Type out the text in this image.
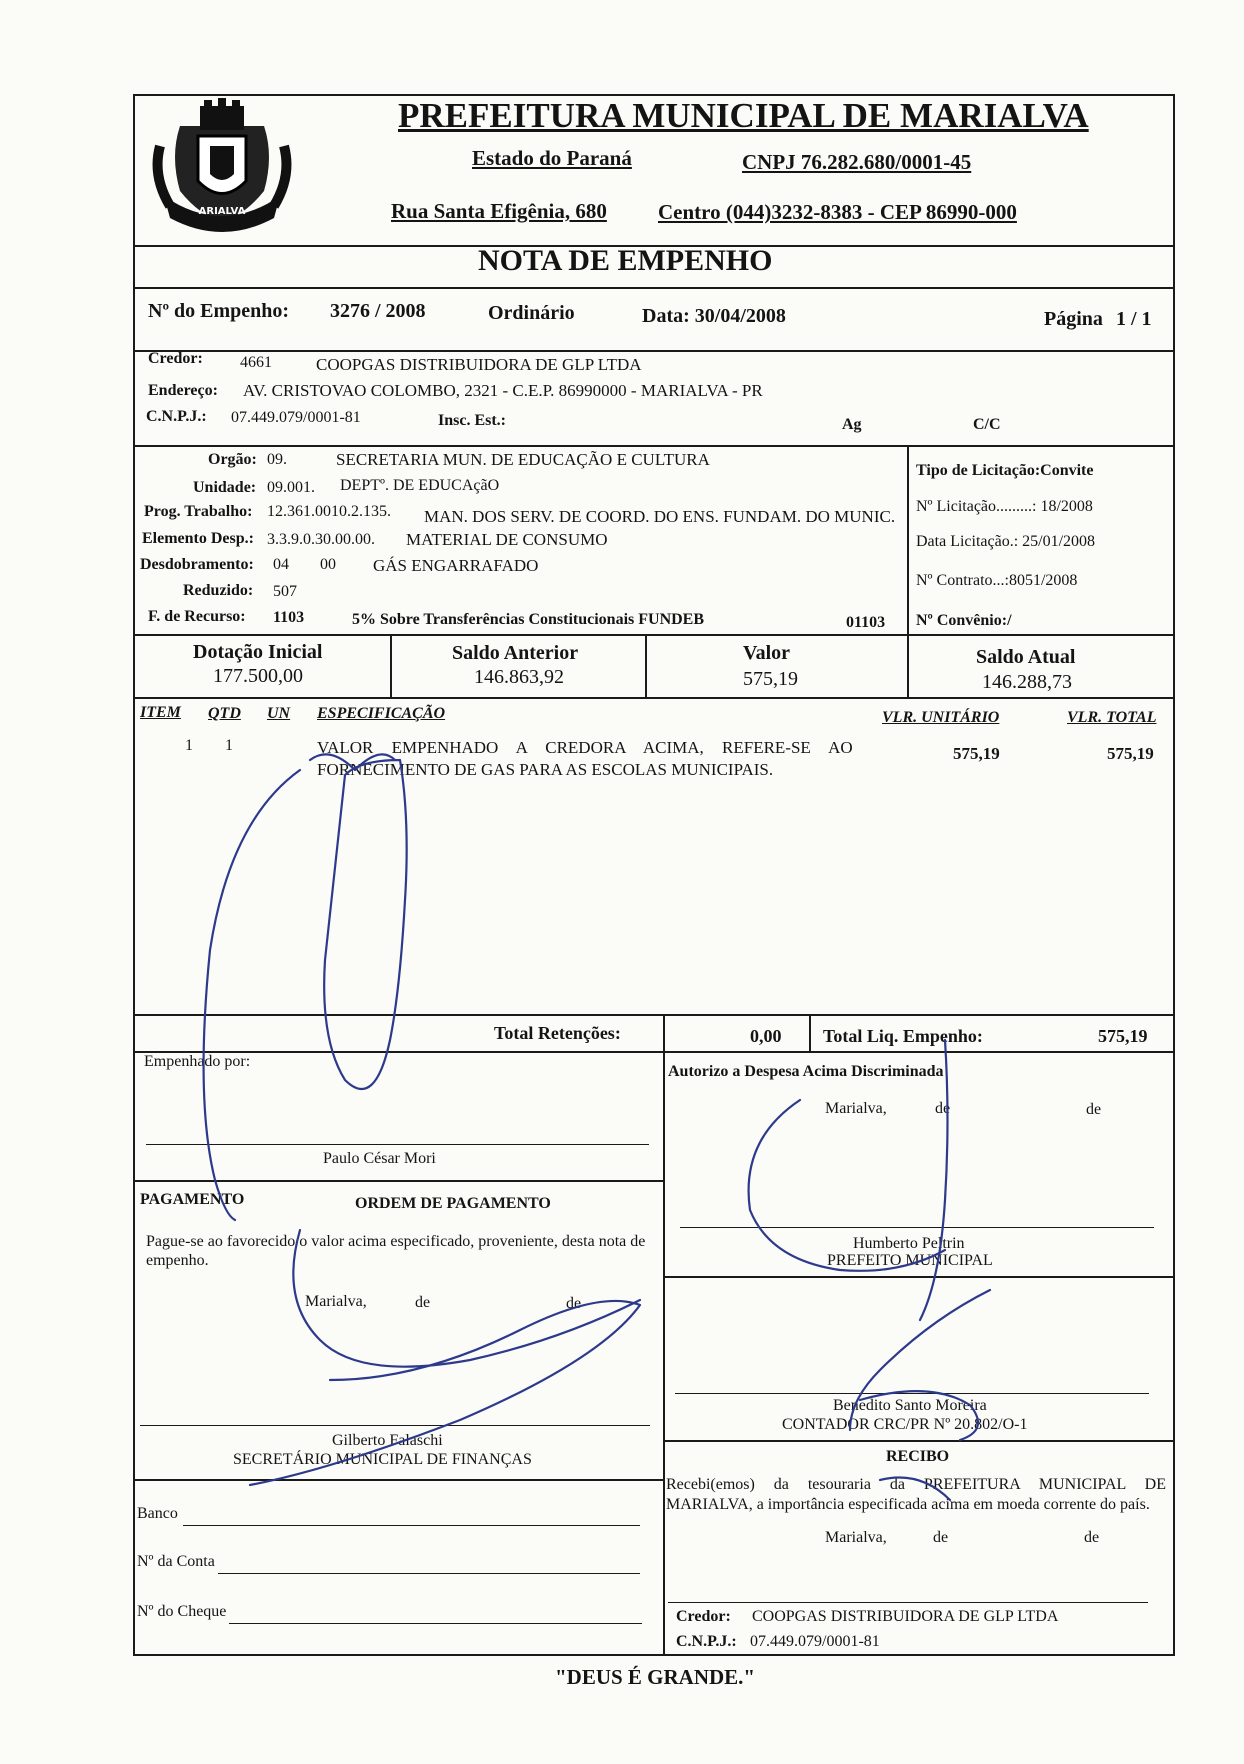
ARIALVA
PREFEITURA MUNICIPAL DE MARIALVA
Estado do Paraná	CNPJ 76.282.680/0001-45
Rua Santa Efigênia, 680 Centro (044)3232-8383 - CEP 86990-000
NOTA DE EMPENHO
Nº do Empenho: 3276 / 2008	Ordinário	Data: 30/04/2008	Página 1 / 1
Credor: 4661	COOPGAS DISTRIBUIDORA DE GLP LTDA
Endereço: AV. CRISTOVAO COLOMBO, 2321 - C.E.P. 86990000 - MARIALVA - PR
C.N.P.J.: 07.449.079/0001-81	Insc. Est.:	Ag	C/C
Orgão: 09.	SECRETARIA MUN. DE EDUCAÇÃO E CULTURA
Unidade: 09.001. DEPTº. DE EDUCAçãO
Prog. Trabalho: 12.361.0010.2.135. MAN. DOS SERV. DE COORD. DO ENS. FUNDAM. DO MUNIC.
Elemento Desp.: 3.3.9.0.30.00.00. MATERIAL DE CONSUMO
Desdobramento: 04 00 GÁS ENGARRAFADO
Reduzido: 507
F. de Recurso: 1103	5% Sobre Transferências Constitucionais FUNDEB	01103
Tipo de Licitação:Convite
Nº Licitação.........: 18/2008
Data Licitação.: 25/01/2008
Nº Contrato...:8051/2008
Nº Convênio:/
Dotação Inicial
177.500,00
Saldo Anterior
146.863,92
Valor
575,19
Saldo Atual
146.288,73
ITEM QTD UN ESPECIFICAÇÃO	VLR. UNITÁRIO	VLR. TOTAL
1 1	VALOR EMPENHADO A CREDORA ACIMA, REFERE-SE AO
FORNECIMENTO DE GAS PARA AS ESCOLAS MUNICIPAIS.
575,19	575,19
Total Retenções:	0,00 Total Liq. Empenho:	575,19
Empenhado por:
Paulo César Mori
PAGAMENTO	ORDEM DE PAGAMENTO
Pague-se ao favorecido o valor acima especificado, proveniente, desta nota de empenho.
Marialva,	de	de
Gilberto Falaschi
SECRETÁRIO MUNICIPAL DE FINANÇAS
Banco
Nº da Conta
Nº do Cheque
Autorizo a Despesa Acima Discriminada
Marialva,	de	de
Humberto Peltrin
PREFEITO MUNICIPAL
Benedito Santo Moreira
CONTADOR CRC/PR Nº 20.802/O-1
RECIBO
Recebi(emos) da tesouraria da PREFEITURA MUNICIPAL DE MARIALVA, a importância especificada acima em moeda corrente do país.
Marialva,	de	de
Credor: COOPGAS DISTRIBUIDORA DE GLP LTDA
C.N.P.J.: 07.449.079/0001-81
"DEUS É GRANDE."
